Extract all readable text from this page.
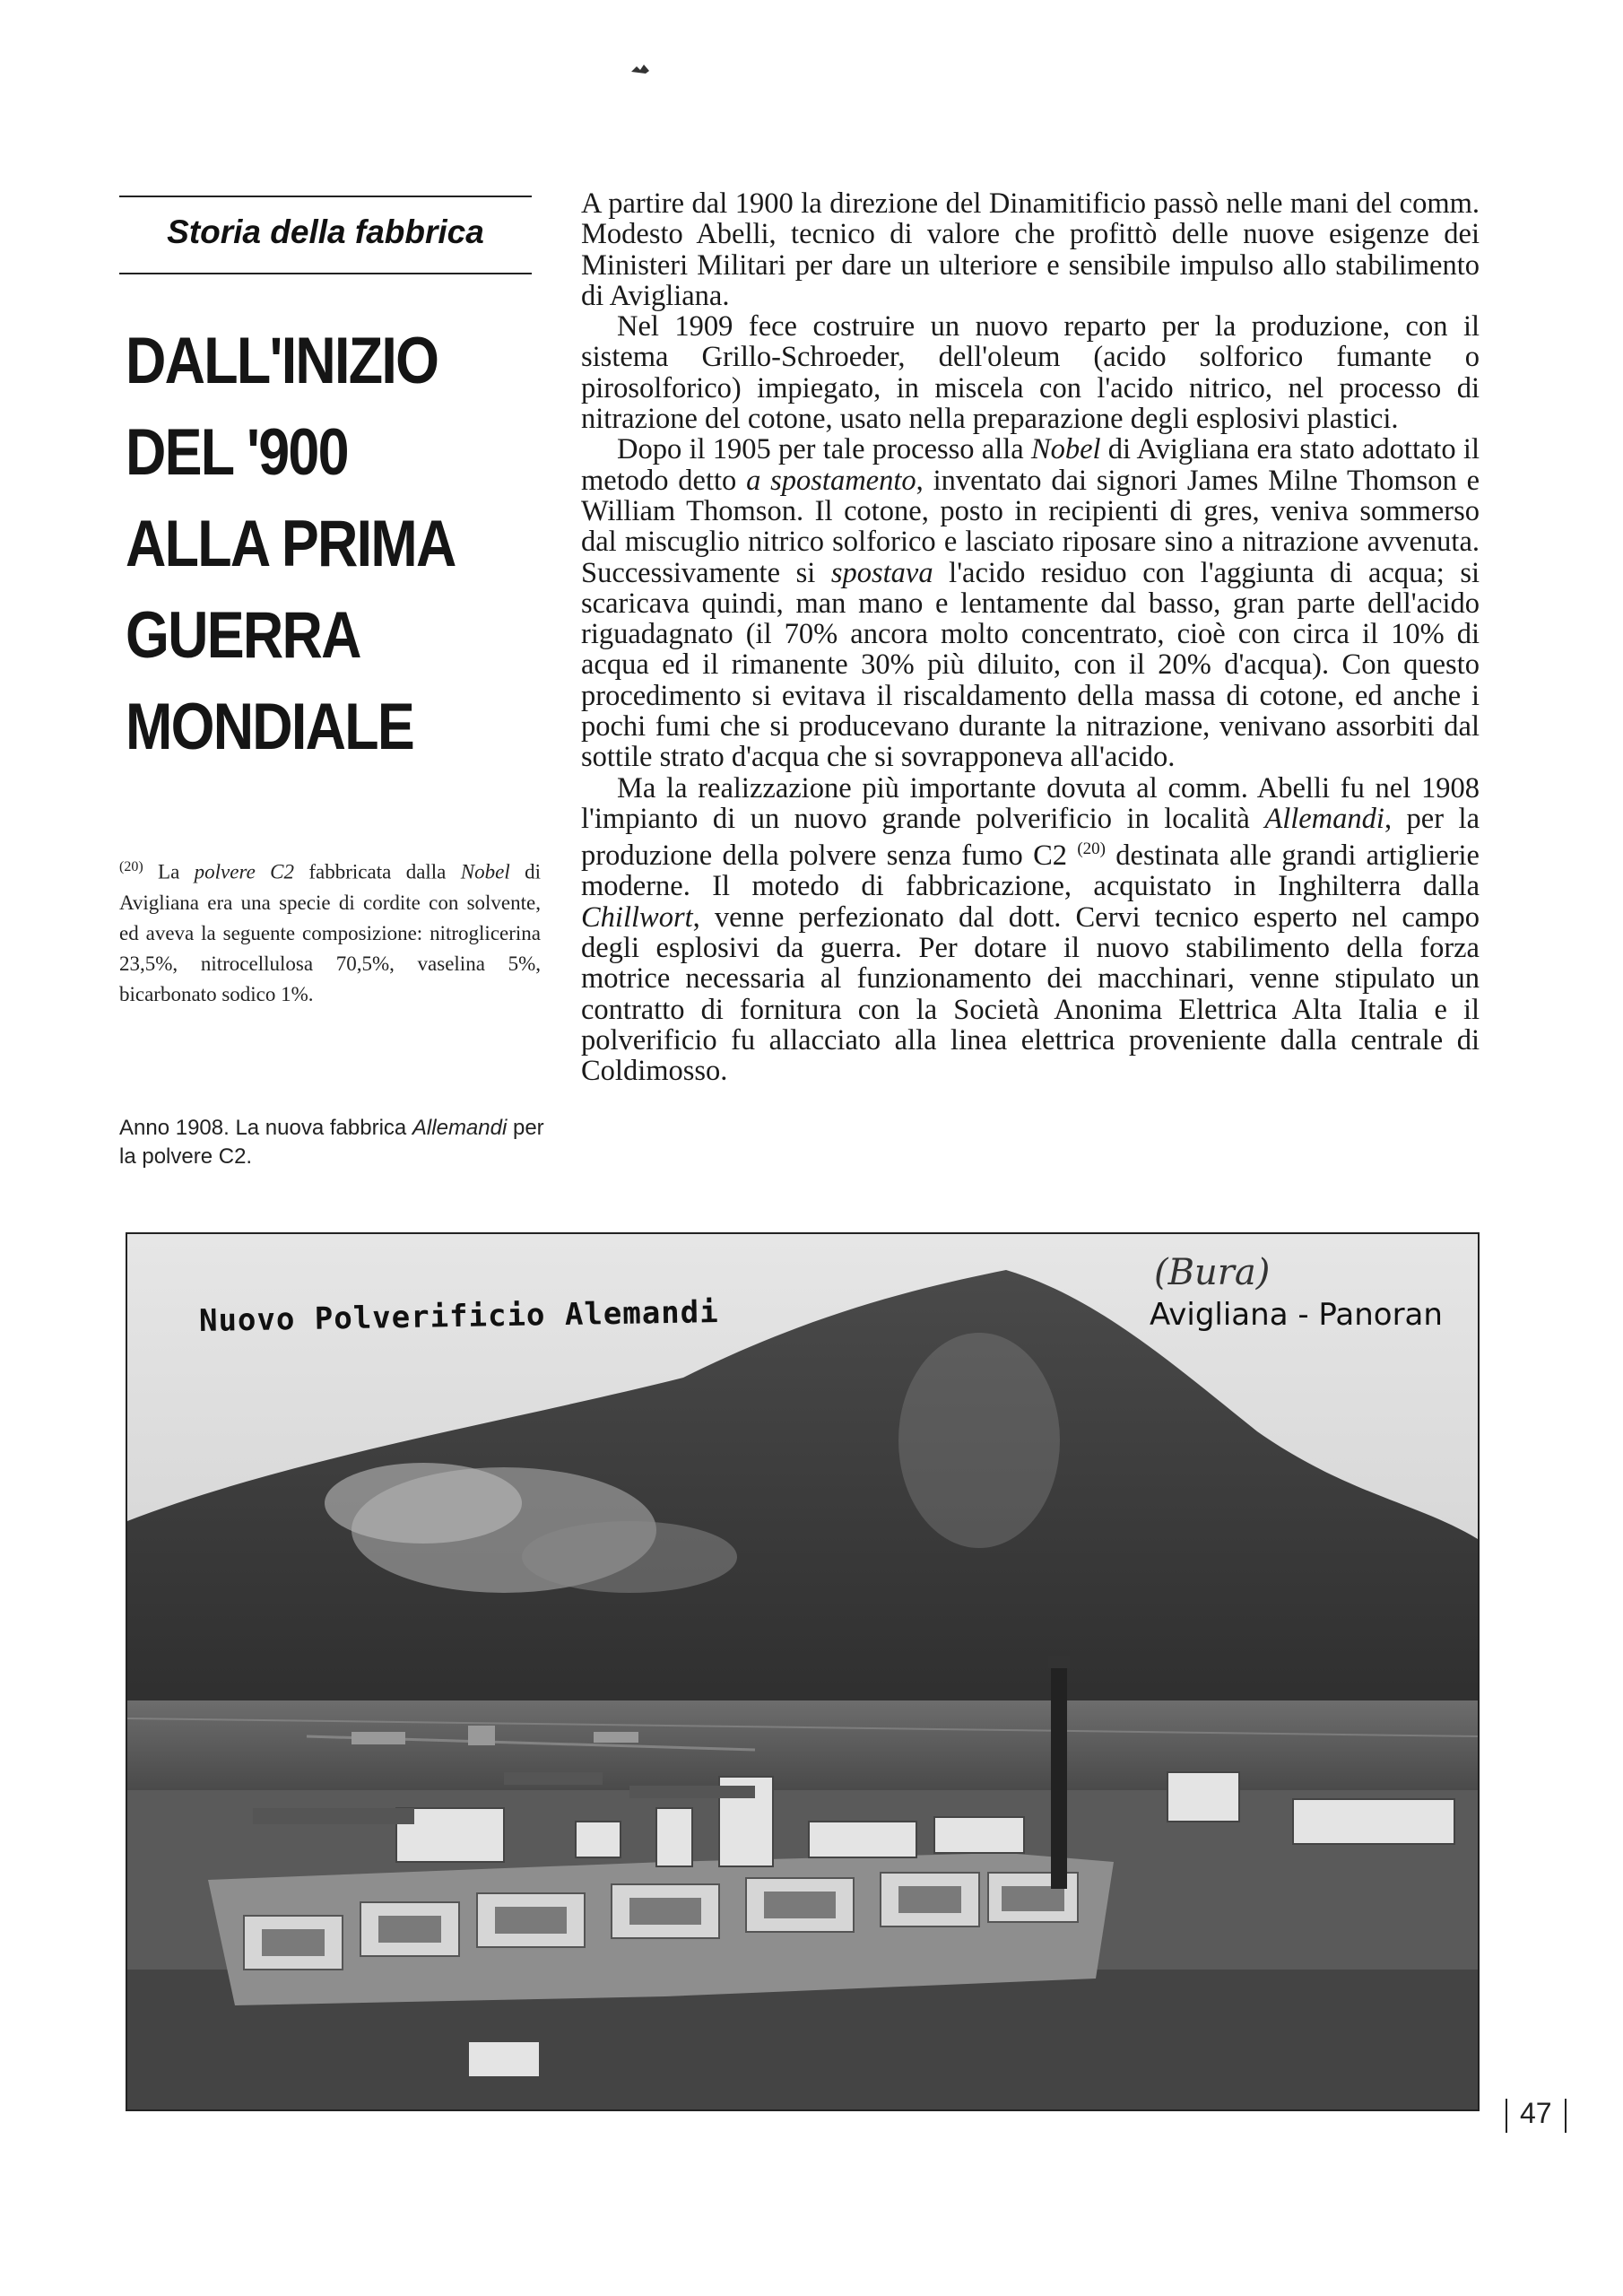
Storia della fabbrica
DALL'INIZIO
DEL '900
ALLA PRIMA
GUERRA
MONDIALE
$^{(20)}$ La polvere C2 fabbricata dalla Nobel di Avigliana era una specie di cordite con solvente, ed aveva la seguente composizione: nitroglicerina 23,5%, nitrocellulosa 70,5%, vaselina 5%, bicarbonato sodico 1%.
Anno 1908. La nuova fabbrica Allemandi per la polvere C2.

A partire dal 1900 la direzione del Dinamitificio passò nelle mani del comm. Modesto Abelli, tecnico di valore che profittò delle nuove esigenze dei Ministeri Militari per dare un ulteriore e sensibile impulso allo stabilimento di Avigliana.

Nel 1909 fece costruire un nuovo reparto per la produzione, con il sistema Grillo-Schroeder, dell'oleum (acido solforico fumante o pirosolforico) impiegato, in miscela con l'acido nitrico, nel processo di nitrazione del cotone, usato nella preparazione degli esplosivi plastici.

Dopo il 1905 per tale processo alla Nobel di Avigliana era stato adottato il metodo detto a spostamento, inventato dai signori James Milne Thomson e William Thomson. Il cotone, posto in recipienti di gres, veniva sommerso dal miscuglio nitrico solforico e lasciato riposare sino a nitrazione avvenuta. Successivamente si spostava l'acido residuo con l'aggiunta di acqua; si scaricava quindi, man mano e lentamente dal basso, gran parte dell'acido riguadagnato (il 70% ancora molto concentrato, cioè con circa il 10% di acqua ed il rimanente 30% più diluito, con il 20% d'acqua). Con questo procedimento si evitava il riscaldamento della massa di cotone, ed anche i pochi fumi che si producevano durante la nitrazione, venivano assorbiti dal sottile strato d'acqua che si sovrapponeva all'acido.

Ma la realizzazione più importante dovuta al comm. Abelli fu nel 1908 l'impianto di un nuovo grande polverificio in località Allemandi, per la produzione della polvere senza fumo C2 $^{(20)}$ destinata alle grandi artiglierie moderne. Il motedo di fabbricazione, acquistato in Inghilterra dalla Chillwort, venne perfezionato dal dott. Cervi tecnico esperto nel campo degli esplosivi da guerra. Per dotare il nuovo stabilimento della forza motrice necessaria al funzionamento dei macchinari, venne stipulato un contratto di fornitura con la Società Anonima Elettrica Alta Italia e il polverificio fu allacciato alla linea elettrica proveniente dalla centrale di Coldimosso.

Nuovo Polverificio Alemandi

(Bura)

Avigliana - Panoran

47
